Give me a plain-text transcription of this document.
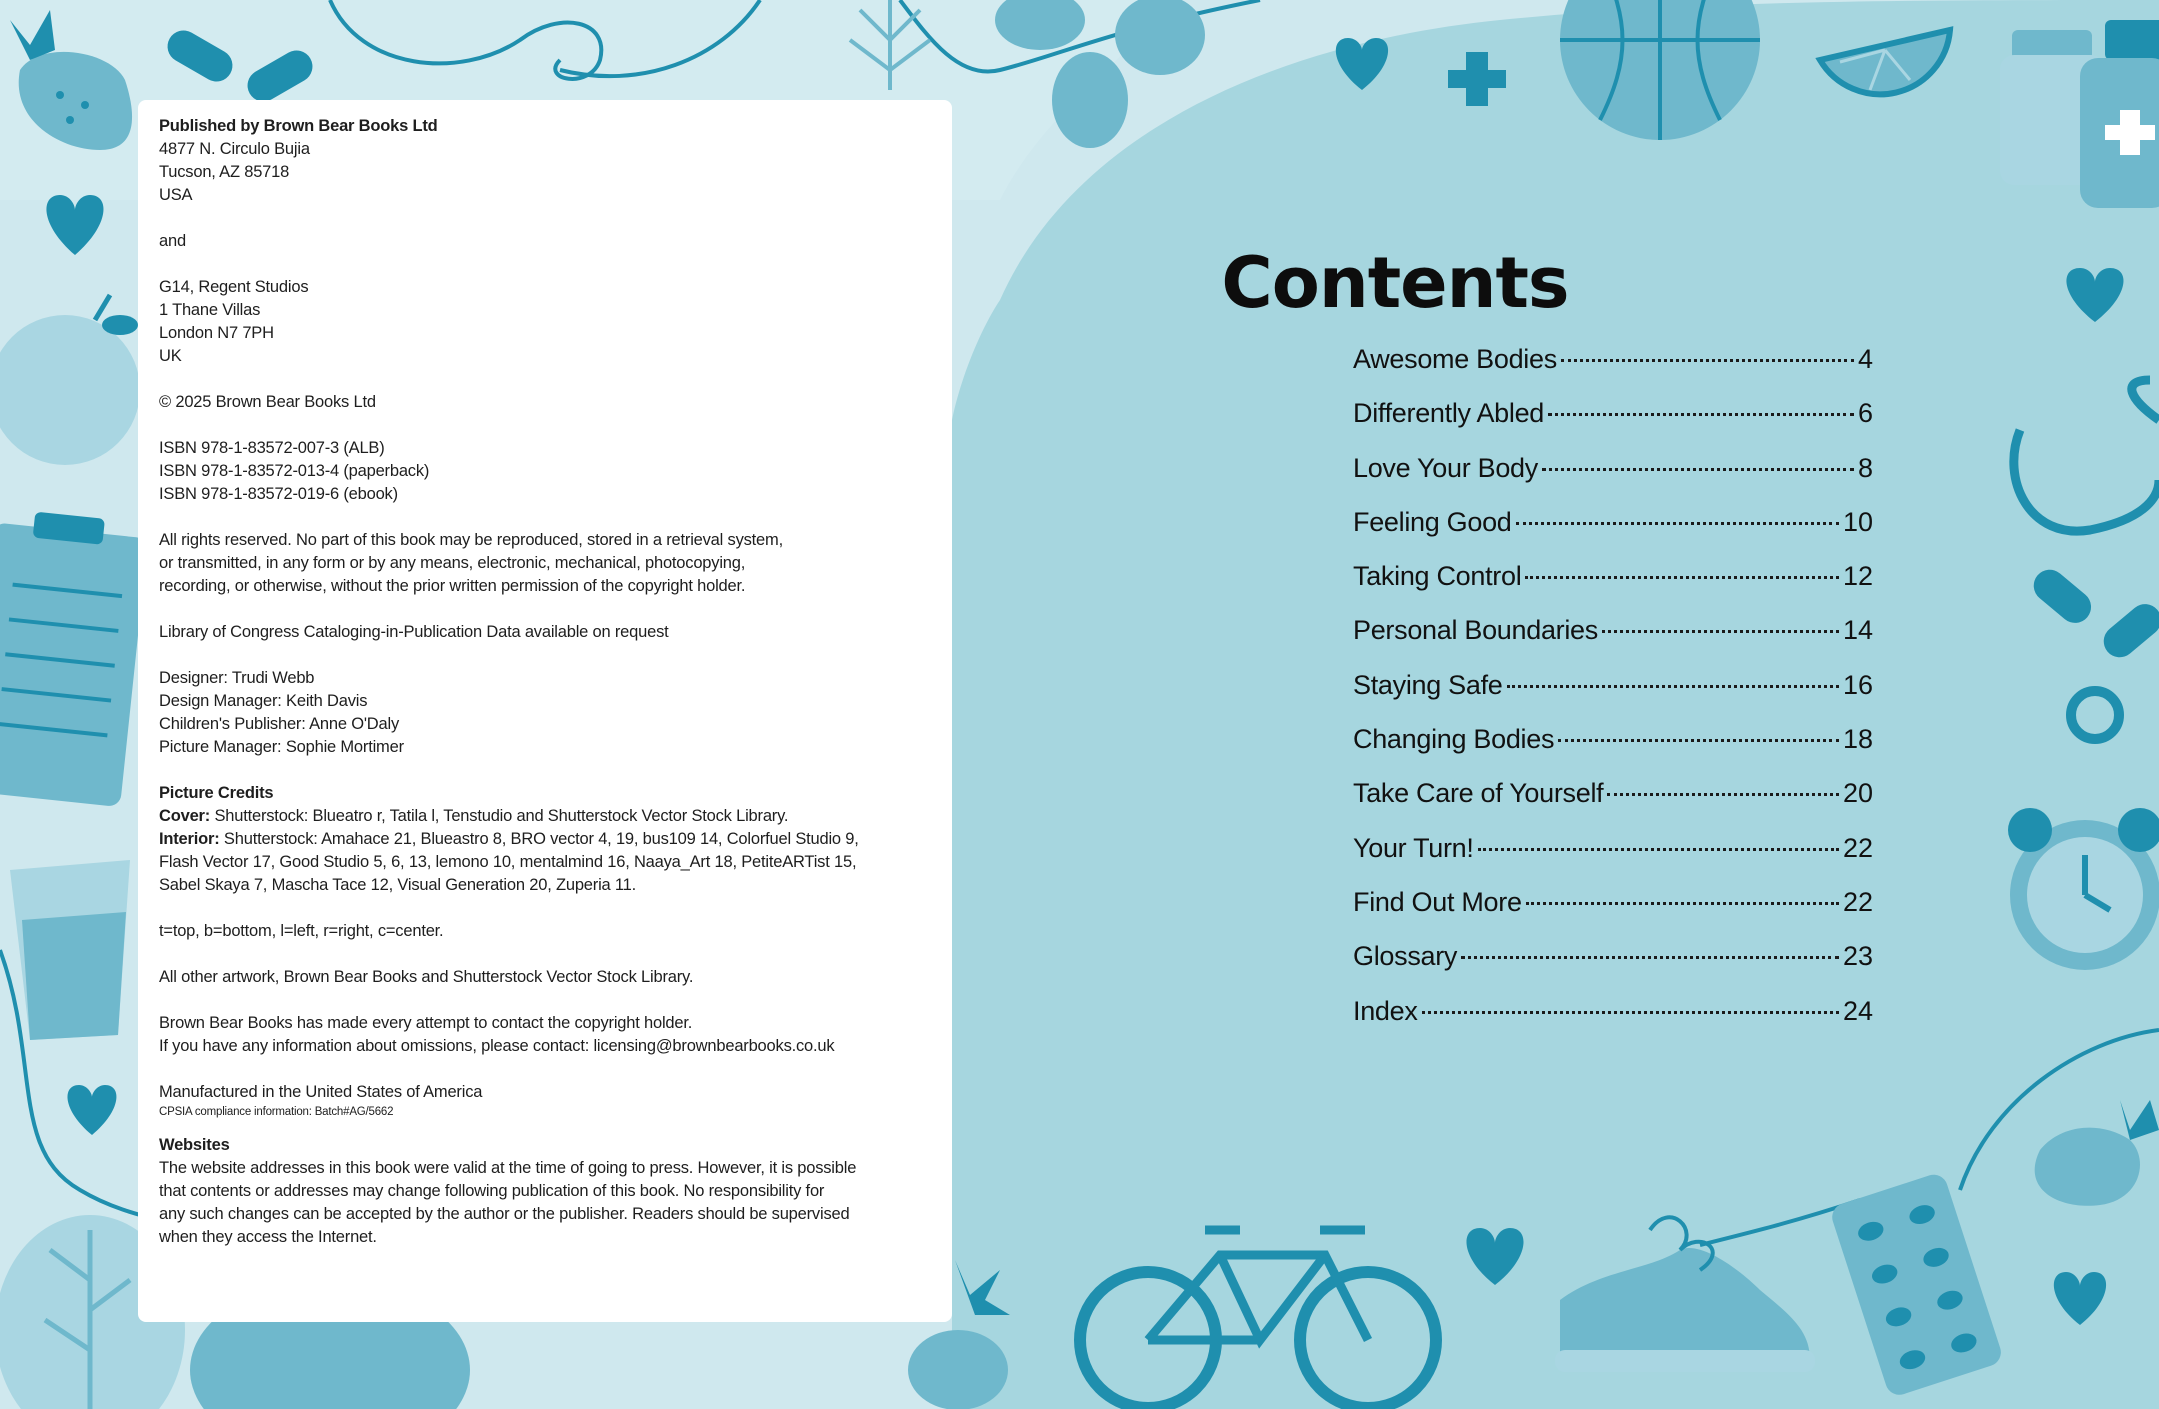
Published by Brown Bear Books Ltd
4877 N. Circulo Bujia
Tucson, AZ 85718
USA
and
G14, Regent Studios
1 Thane Villas
London N7 7PH
UK
© 2025 Brown Bear Books Ltd
ISBN 978-1-83572-007-3 (ALB)
ISBN 978-1-83572-013-4 (paperback)
ISBN 978-1-83572-019-6 (ebook)
All rights reserved. No part of this book may be reproduced, stored in a retrieval system,
or transmitted, in any form or by any means, electronic, mechanical, photocopying,
recording, or otherwise, without the prior written permission of the copyright holder.
Library of Congress Cataloging-in-Publication Data available on request
Designer: Trudi Webb
Design Manager: Keith Davis
Children's Publisher: Anne O'Daly
Picture Manager: Sophie Mortimer
Picture Credits
Cover: Shutterstock: Blueatro r, Tatila l, Tenstudio and Shutterstock Vector Stock Library.
Interior: Shutterstock: Amahace 21, Blueastro 8, BRO vector 4, 19, bus109 14, Colorfuel Studio 9,
Flash Vector 17, Good Studio 5, 6, 13, lemono 10, mentalmind 16, Naaya_Art 18, PetiteARTist 15,
Sabel Skaya 7, Mascha Tace 12, Visual Generation 20, Zuperia 11.
t=top, b=bottom, l=left, r=right, c=center.
All other artwork, Brown Bear Books and Shutterstock Vector Stock Library.
Brown Bear Books has made every attempt to contact the copyright holder.
If you have any information about omissions, please contact: licensing@brownbearbooks.co.uk
Manufactured in the United States of America
CPSIA compliance information: Batch#AG/5662
Websites
The website addresses in this book were valid at the time of going to press. However, it is possible
that contents or addresses may change following publication of this book. No responsibility for
any such changes can be accepted by the author or the publisher. Readers should be supervised
when they access the Internet.
Contents
Awesome Bodies	4
Differently Abled	6
Love Your Body	8
Feeling Good	10
Taking Control	12
Personal Boundaries	14
Staying Safe	16
Changing Bodies	18
Take Care of Yourself	20
Your Turn!	22
Find Out More	22
Glossary	23
Index	24
